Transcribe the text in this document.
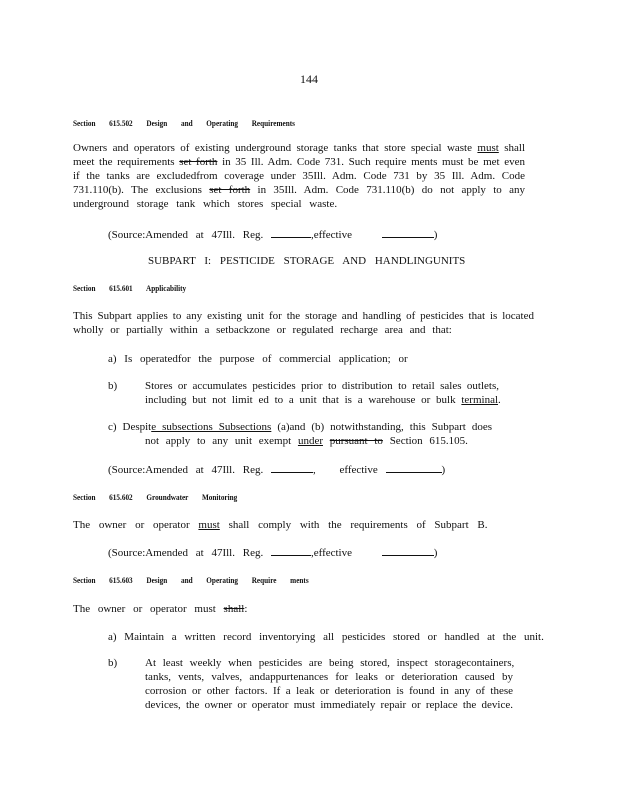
144
Section 615.502 Design and Operating Requirements
Owners and operators of existing underground storage tanks that store special waste must shall
meet the requirements set forth in 35 Ill. Adm. Code 731. Such require ments must be met even
if the tanks are excludedfrom coverage under 35Ill. Adm. Code 731 by 35 Ill. Adm. Code
731.110(b). The exclusions set forth in 35Ill. Adm. Code 731.110(b) do not apply to any
underground storage tank which stores special waste.
(Source:Amended at 47Ill. Reg.	,effective	)
SUBPART I: PESTICIDE STORAGE AND HANDLINGUNITS
Section 615.601 Applicability
This Subpart applies to any existing unit for the storage and handling of pesticides that is located
wholly or partially within a setbackzone or regulated recharge area and that:
a) Is operatedfor the purpose of commercial application; or
b)	Stores or accumulates pesticides prior to distribution to retail sales outlets,
including but not limit ed to a unit that is a warehouse or bulk terminal.
c) Despite subsections Subsections (a)and (b) notwithstanding, this Subpart does
not apply to any unit exempt under pursuant to Section 615.105.
(Source:Amended at 47Ill. Reg.	, effective	)
Section 615.602 Groundwater Monitoring
The owner or operator must shall comply with the requirements of Subpart B.
(Source:Amended at 47Ill. Reg.	,effective	)
Section 615.603 Design and Operating Require ments
The owner or operator must shall:
a) Maintain a written record inventorying all pesticides stored or handled at the unit.
b)	At least weekly when pesticides are being stored, inspect storagecontainers,
tanks, vents, valves, andappurtenances for leaks or deterioration caused by
corrosion or other factors. If a leak or deterioration is found in any of these
devices, the owner or operator must immediately repair or replace the device.
